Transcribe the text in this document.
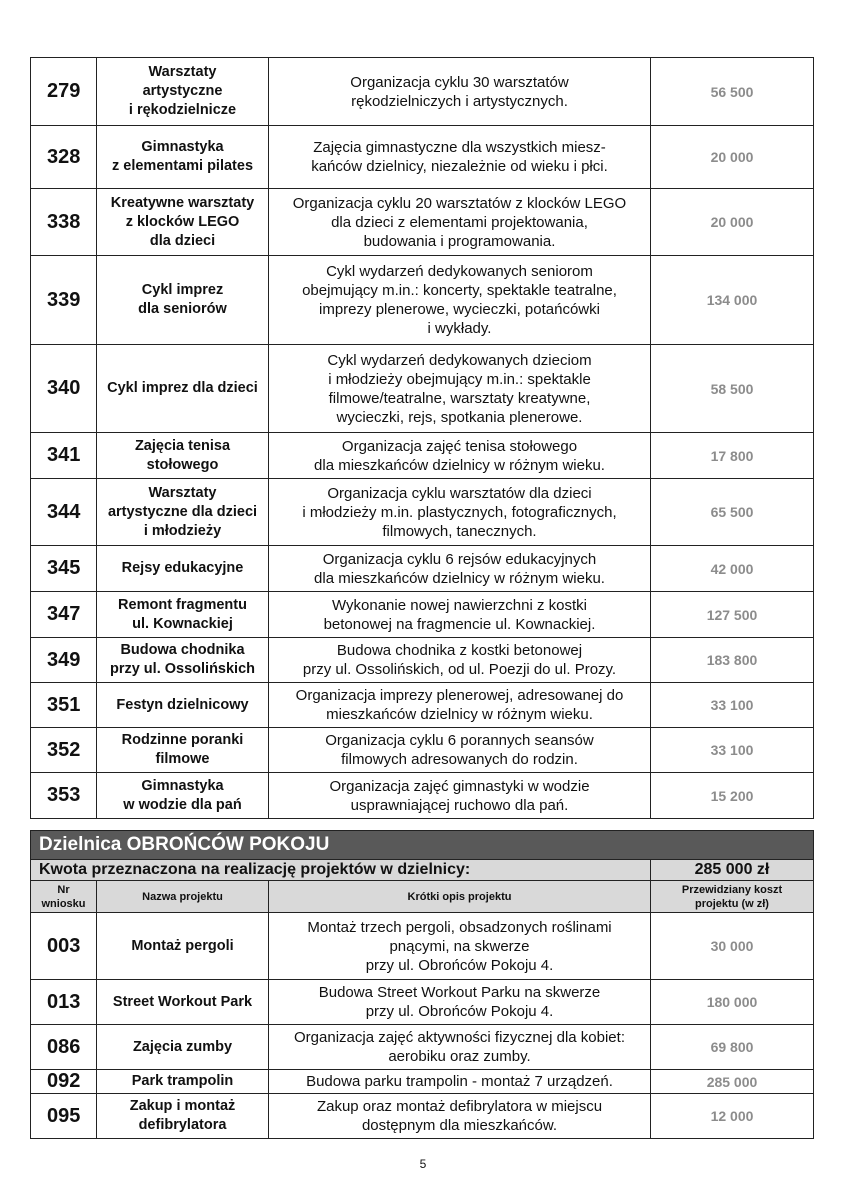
279	Warsztaty
artystyczne
i rękodzielnicze	Organizacja cyklu 30 warsztatów
rękodzielniczych i artystycznych.	56 500
328	Gimnastyka
z elementami pilates	Zajęcia gimnastyczne dla wszystkich miesz-
kańców dzielnicy, niezależnie od wieku i płci.	20 000
338	Kreatywne warsztaty
z klocków LEGO
dla dzieci	Organizacja cyklu 20 warsztatów z klocków LEGO
dla dzieci z elementami projektowania,
budowania i programowania.	20 000
339	Cykl imprez
dla seniorów	Cykl wydarzeń dedykowanych seniorom
obejmujący m.in.: koncerty, spektakle teatralne,
imprezy plenerowe, wycieczki, potańcówki
i wykłady.	134 000
340	Cykl imprez dla dzieci	Cykl wydarzeń dedykowanych dzieciom
i młodzieży obejmujący m.in.: spektakle
filmowe/teatralne, warsztaty kreatywne,
wycieczki, rejs, spotkania plenerowe.	58 500
341	Zajęcia tenisa
stołowego	Organizacja zajęć tenisa stołowego
dla mieszkańców dzielnicy w różnym wieku.	17 800
344	Warsztaty
artystyczne dla dzieci
i młodzieży	Organizacja cyklu warsztatów dla dzieci
i młodzieży m.in. plastycznych, fotograficznych,
filmowych, tanecznych.	65 500
345	Rejsy edukacyjne	Organizacja cyklu 6 rejsów edukacyjnych
dla mieszkańców dzielnicy w różnym wieku.	42 000
347	Remont fragmentu
ul. Kownackiej	Wykonanie nowej nawierzchni z kostki
betonowej na fragmencie ul. Kownackiej.	127 500
349	Budowa chodnika
przy ul. Ossolińskich	Budowa chodnika z kostki betonowej
przy ul. Ossolińskich, od ul. Poezji do ul. Prozy.	183 800
351	Festyn dzielnicowy	Organizacja imprezy plenerowej, adresowanej do
mieszkańców dzielnicy w różnym wieku.	33 100
352	Rodzinne poranki
filmowe	Organizacja cyklu 6 porannych seansów
filmowych adresowanych do rodzin.	33 100
353	Gimnastyka
w wodzie dla pań	Organizacja zajęć gimnastyki w wodzie
usprawniającej ruchowo dla pań.	15 200
Dzielnica OBROŃCÓW POKOJU			
Kwota przeznaczona na realizację projektów w dzielnicy:			285 000 zł
Nr
wniosku	Nazwa projektu	Krótki opis projektu	Przewidziany koszt
projektu (w zł)
003	Montaż pergoli	Montaż trzech pergoli, obsadzonych roślinami
pnącymi, na skwerze
przy ul. Obrońców Pokoju 4.	30 000
013	Street Workout Park	Budowa Street Workout Parku na skwerze
przy ul. Obrońców Pokoju 4.	180 000
086	Zajęcia zumby	Organizacja zajęć aktywności fizycznej dla kobiet:
aerobiku oraz zumby.	69 800
092	Park trampolin	Budowa parku trampolin - montaż 7 urządzeń.	285 000
095	Zakup i montaż
defibrylatora	Zakup oraz montaż defibrylatora w miejscu
dostępnym dla mieszkańców.	12 000
5
